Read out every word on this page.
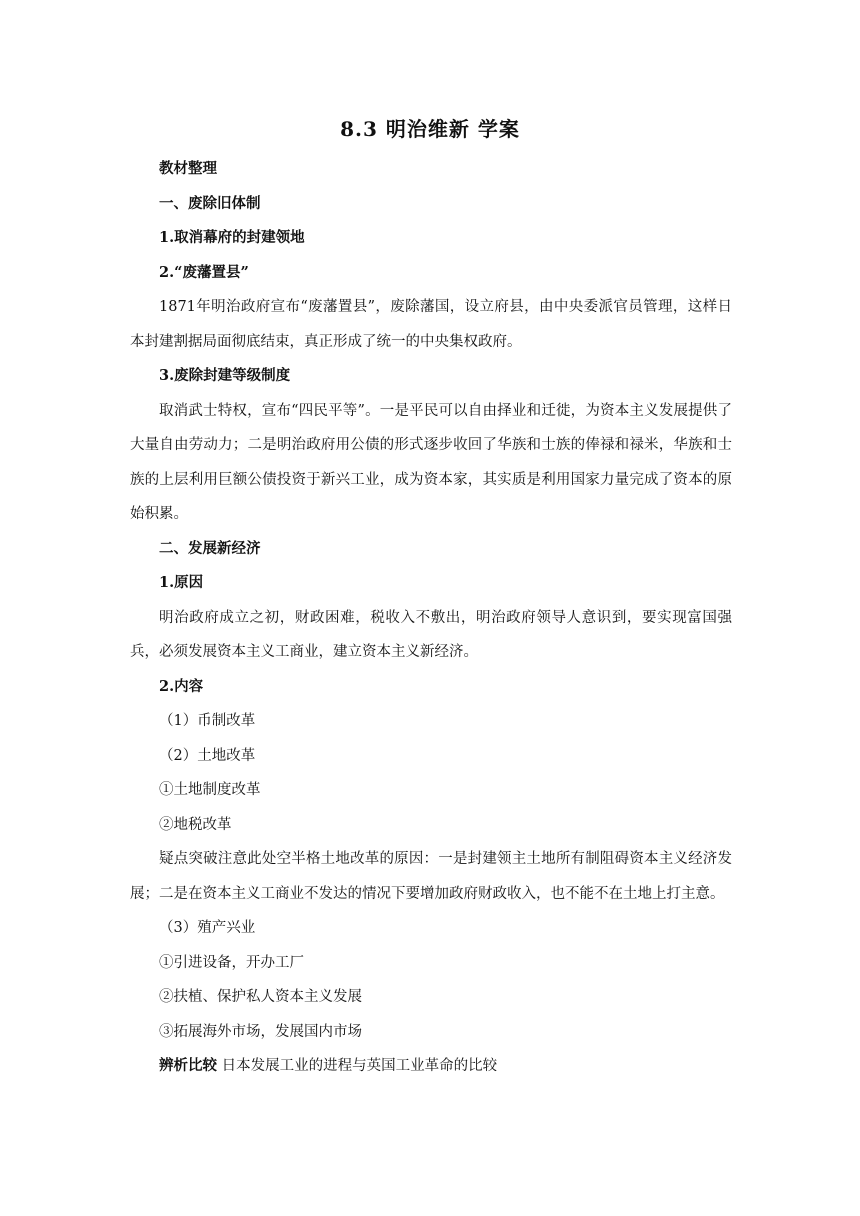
8.3 明治维新 学案
教材整理
一、废除旧体制
1.取消幕府的封建领地
2.“废藩置县”

1871年明治政府宣布“废藩置县”，废除藩国，设立府县，由中央委派官员管理，这样日本封建割据局面彻底结束，真正形成了统一的中央集权政府。

3.废除封建等级制度

取消武士特权，宣布“四民平等”。一是平民可以自由择业和迁徙，为资本主义发展提供了大量自由劳动力；二是明治政府用公债的形式逐步收回了华族和士族的俸禄和禄米，华族和士族的上层利用巨额公债投资于新兴工业，成为资本家，其实质是利用国家力量完成了资本的原始积累。

二、发展新经济
1.原因

明治政府成立之初，财政困难，税收入不敷出，明治政府领导人意识到，要实现富国强兵，必须发展资本主义工商业，建立资本主义新经济。

2.内容
（1）币制改革
（2）土地改革
①土地制度改革
②地税改革

疑点突破注意此处空半格土地改革的原因：一是封建领主土地所有制阻碍资本主义经济发展；二是在资本主义工商业不发达的情况下要增加政府财政收入，也不能不在土地上打主意。

（3）殖产兴业
①引进设备，开办工厂
②扶植、保护私人资本主义发展
③拓展海外市场，发展国内市场
辨析比较 日本发展工业的进程与英国工业革命的比较
